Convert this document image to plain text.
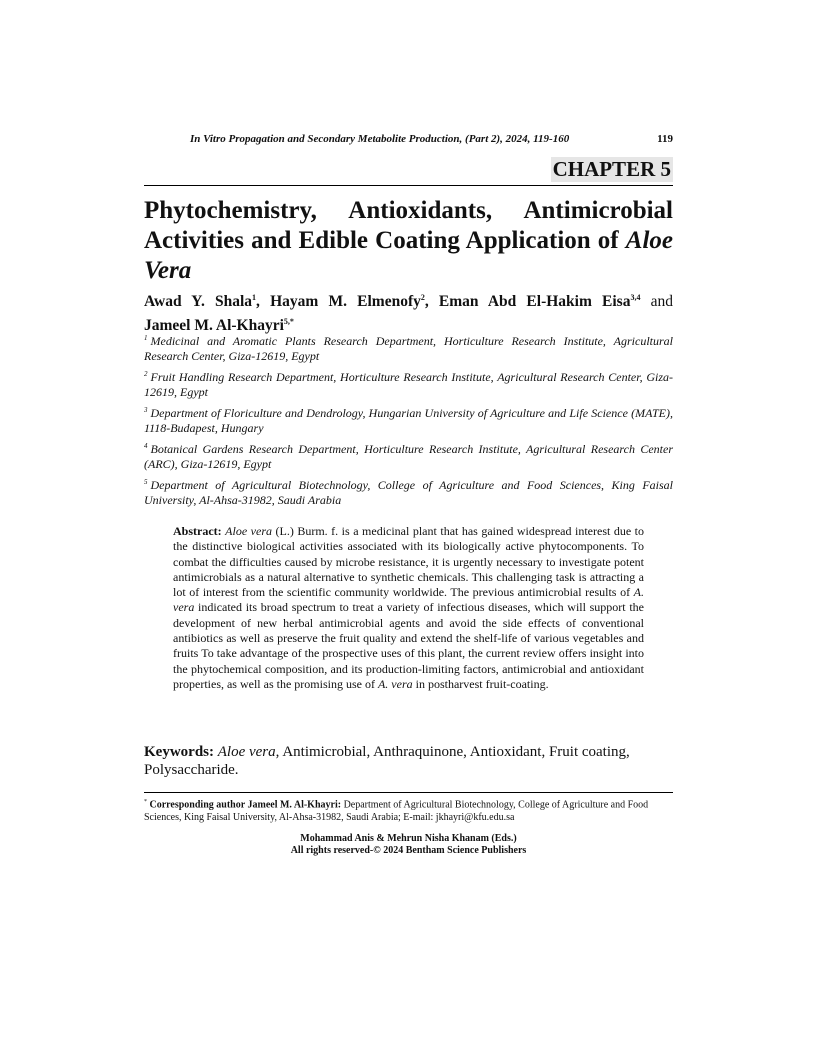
In Vitro Propagation and Secondary Metabolite Production, (Part 2), 2024, 119-160	119
CHAPTER 5
Phytochemistry, Antioxidants, Antimicrobial Activities and Edible Coating Application of Aloe Vera
Awad Y. Shala$^1$, Hayam M. Elmenofy$^2$, Eman Abd El-Hakim Eisa$^{3,4}$ and
Jameel M. Al-Khayri$^{5,*}$
$^1$ Medicinal and Aromatic Plants Research Department, Horticulture Research Institute, Agricultural Research Center, Giza-12619, Egypt
$^2$ Fruit Handling Research Department, Horticulture Research Institute, Agricultural Research Center, Giza-12619, Egypt
$^3$ Department of Floriculture and Dendrology, Hungarian University of Agriculture and Life Science (MATE), 1118-Budapest, Hungary
$^4$ Botanical Gardens Research Department, Horticulture Research Institute, Agricultural Research Center (ARC), Giza-12619, Egypt
$^5$ Department of Agricultural Biotechnology, College of Agriculture and Food Sciences, King Faisal University, Al-Ahsa-31982, Saudi Arabia
Abstract: Aloe vera (L.) Burm. f. is a medicinal plant that has gained widespread interest due to the distinctive biological activities associated with its biologically active phytocomponents. To combat the difficulties caused by microbe resistance, it is urgently necessary to investigate potent antimicrobials as a natural alternative to synthetic chemicals. This challenging task is attracting a lot of interest from the scientific community worldwide. The previous antimicrobial results of A. vera indicated its broad spectrum to treat a variety of infectious diseases, which will support the development of new herbal antimicrobial agents and avoid the side effects of conventional antibiotics as well as preserve the fruit quality and extend the shelf-life of various vegetables and fruits To take advantage of the prospective uses of this plant, the current review offers insight into the phytochemical composition, and its production-limiting factors, antimicrobial and antioxidant properties, as well as the promising use of A. vera in postharvest fruit-coating.
Keywords: Aloe vera, Antimicrobial, Anthraquinone, Antioxidant, Fruit coating, Polysaccharide.
* Corresponding author Jameel M. Al-Khayri: Department of Agricultural Biotechnology, College of Agriculture and Food Sciences, King Faisal University, Al-Ahsa-31982, Saudi Arabia; E-mail: jkhayri@kfu.edu.sa
Mohammad Anis & Mehrun Nisha Khanam (Eds.)
All rights reserved-© 2024 Bentham Science Publishers
